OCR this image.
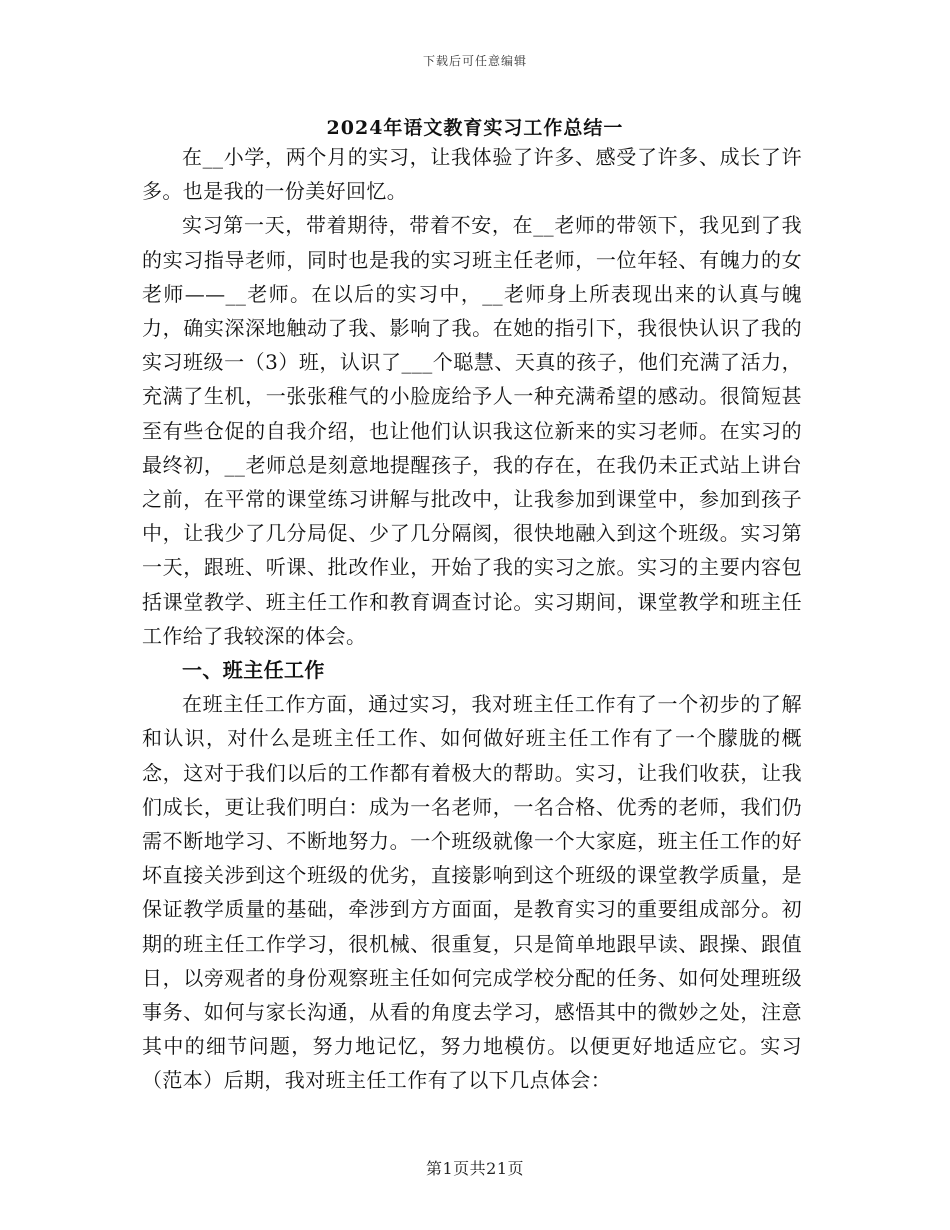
下载后可任意编辑
2024年语文教育实习工作总结一

在__小学，两个月的实习，让我体验了许多、感受了许多、成长了许多。也是我的一份美好回忆。

实习第一天，带着期待，带着不安，在__老师的带领下，我见到了我的实习指导老师，同时也是我的实习班主任老师，一位年轻、有魄力的女老师——__老师。在以后的实习中，__老师身上所表现出来的认真与魄力，确实深深地触动了我、影响了我。在她的指引下，我很快认识了我的实习班级一（3）班，认识了___个聪慧、天真的孩子，他们充满了活力，充满了生机，一张张稚气的小脸庞给予人一种充满希望的感动。很简短甚至有些仓促的自我介绍，也让他们认识我这位新来的实习老师。在实习的最终初，__老师总是刻意地提醒孩子，我的存在，在我仍未正式站上讲台之前，在平常的课堂练习讲解与批改中，让我参加到课堂中，参加到孩子中，让我少了几分局促、少了几分隔阂，很快地融入到这个班级。实习第一天，跟班、听课、批改作业，开始了我的实习之旅。实习的主要内容包括课堂教学、班主任工作和教育调查讨论。实习期间，课堂教学和班主任工作给了我较深的体会。

一、班主任工作

在班主任工作方面，通过实习，我对班主任工作有了一个初步的了解和认识，对什么是班主任工作、如何做好班主任工作有了一个朦胧的概念，这对于我们以后的工作都有着极大的帮助。实习，让我们收获，让我们成长，更让我们明白：成为一名老师，一名合格、优秀的老师，我们仍需不断地学习、不断地努力。一个班级就像一个大家庭，班主任工作的好坏直接关涉到这个班级的优劣，直接影响到这个班级的课堂教学质量，是保证教学质量的基础，牵涉到方方面面，是教育实习的重要组成部分。初期的班主任工作学习，很机械、很重复，只是简单地跟早读、跟操、跟值日，以旁观者的身份观察班主任如何完成学校分配的任务、如何处理班级事务、如何与家长沟通，从看的角度去学习，感悟其中的微妙之处，注意其中的细节问题，努力地记忆，努力地模仿。以便更好地适应它。实习（范本）后期，我对班主任工作有了以下几点体会：

第1页共21页
